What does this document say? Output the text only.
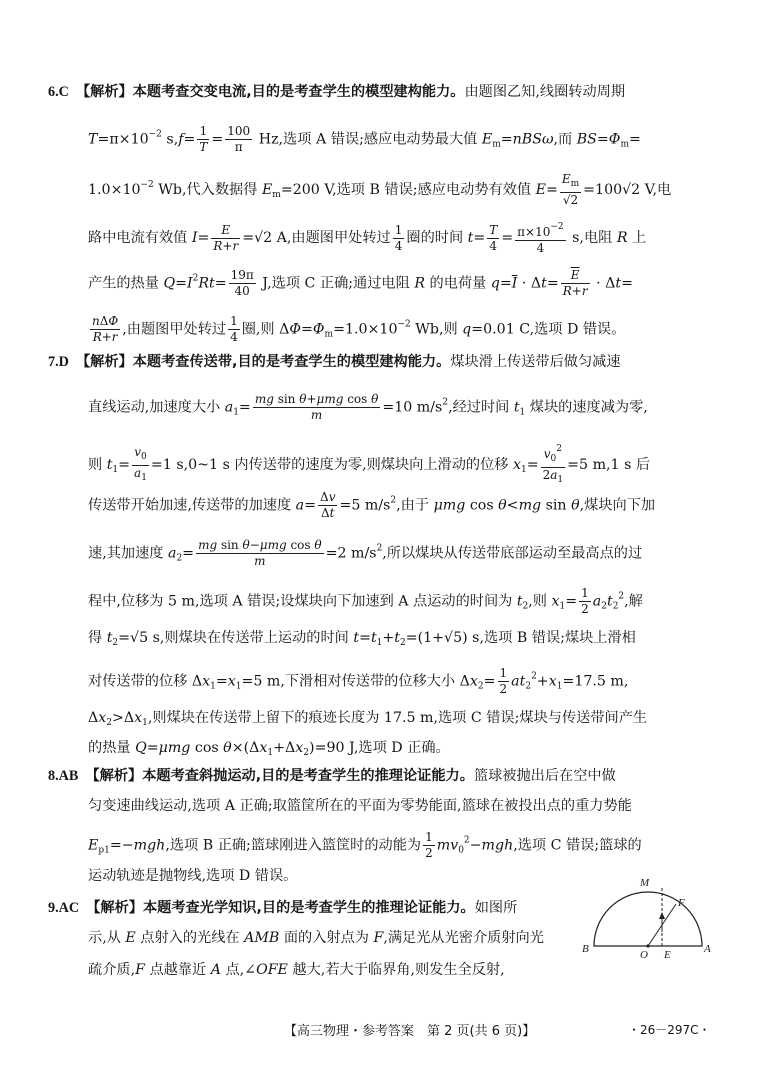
6.C　 【解析】本题考查交变电流,目的是考查学生的模型建构能力。由题图乙知,线圈转动周期
$T=\pi\times 10^{-2}$ $s,f= \frac{1}{T} = \frac{100}{\pi} Hz$,选项 A 错误;感应电动势最大值 $E_m=nBS\omega$,而 $BS=\Phi_m=$
$1.0\times 10^{-2}$ Wb,代入数据得 $E_m=200$ V,选项 B 错误;感应电动势有效值 $E= \frac{E_m}{√2} =100√2$ V,电
路中电流有效值 $I= \frac{E}{R+r} =√2$ A,由题图甲处转过 $\frac{1}{4}$ 圈的时间 $t= \frac{T}{4} = \frac{\pi\times 10^{-2}}{4} s$,电阻 R 上
产生的热量 $Q=I^2Rt= \frac{19\pi}{40} J$,选项 C 正确;通过电阻 R 的电荷量 $q=\overline{I} \cdot \Delta t= \frac{\overline{E}}{R+r} \cdot \Delta t=$
$\frac{\text{nΔΦ}}{R+r}$ ,由题图甲处转过 $\frac{1}{4}$ 圈,则 $\Delta\Phi=\Phi_m=1.0\times 10^{-2}$ Wb,则 q=0.01 C,选项 D 错误。
7.D　 【解析】本题考查传送带,目的是考查学生的模型建构能力。煤块滑上传送带后做匀减速
直线运动,加速度大小 $a_1= \frac{\text{mg sin θ+μmg cos θ}}{m} =10$ $m/s^2$,经过时间 $t_1$ 煤块的速度减为零,
则 $t_1= \frac{v_0}{a_1} =1$ s,0~1 s 内传送带的速度为零,则煤块向上滑动的位移 $x_1= \frac{v_0^2}{2a_1} =5$ m,1 s 后
传送带开始加速,传送带的加速度 $a= \frac{\Delta v}{\Delta t} =5$ $m/s^2$,由于 μmg cos θ<mg sin θ,煤块向下加
速,其加速度 $a_2= \frac{\text{mg sin θ−μmg cos θ}}{m} =2$ $m/s^2$,所以煤块从传送带底部运动至最高点的过
程中,位移为 5 m,选项 A 错误;设煤块向下加速到 A 点运动的时间为 $t_2$,则 $x_1= \frac{1}{2} a_2t_2^2$,解
得 $t_2=√5$ s,则煤块在传送带上运动的时间 $t=t_1+t_2=(1+√5)$ s,选项 B 错误;煤块上滑相
对传送带的位移 $\Delta x_1=x_1=5$ m,下滑相对传送带的位移大小 $\Delta x_2= \frac{1}{2} at_2^2+x_1=17.5$ m,
$\Delta x_2>\Delta x_1$,则煤块在传送带上留下的痕迹长度为 17.5 m,选项 C 错误;煤块与传送带间产生
的热量 Q=μmg $\cos \theta\times(\Delta x_1+\Delta x_2)=90$ J,选项 D 正确。
8.AB　 【解析】本题考查斜抛运动,目的是考查学生的推理论证能力。篮球被抛出后在空中做
匀变速曲线运动,选项 A 正确;取篮筐所在的平面为零势能面,篮球在被投出点的重力势能
$E_{p1}=-mgh$,选项 B 正确;篮球刚进入篮筐时的动能为 $\frac{1}{2} mv_0^2-mgh$,选项 C 错误;篮球的
运动轨迹是抛物线,选项 D 错误。
9.AC　 【解析】本题考查光学知识,目的是考查学生的推理论证能力。如图所
示,从 E 点射入的光线在 AMB 面的入射点为 F,满足光从光密介质射向光
疏介质,F 点越靠近 A 点,∠OFE 越大,若大于临界角,则发生全反射,
M
F
B	O E	A
【高三物理・参考答案　第 2 页(共 6 页)】	・26－297C・
